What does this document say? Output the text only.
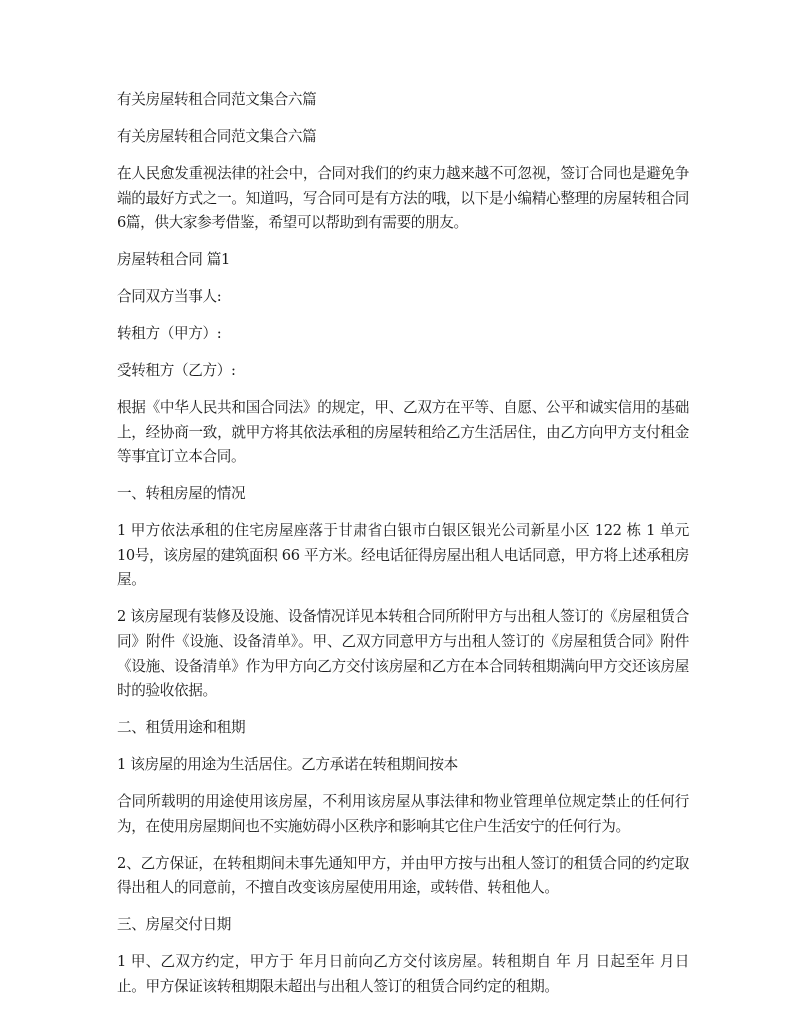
有关房屋转租合同范文集合六篇

有关房屋转租合同范文集合六篇

在人民愈发重视法律的社会中，合同对我们的约束力越来越不可忽视，签订合同也是避免争端的最好方式之一。知道吗，写合同可是有方法的哦，以下是小编精心整理的房屋转租合同6篇，供大家参考借鉴，希望可以帮助到有需要的朋友。

房屋转租合同 篇1

合同双方当事人:

转租方（甲方）:

受转租方（乙方）:

根据《中华人民共和国合同法》的规定，甲、乙双方在平等、自愿、公平和诚实信用的基础上，经协商一致，就甲方将其依法承租的房屋转租给乙方生活居住，由乙方向甲方支付租金等事宜订立本合同。

一、转租房屋的情况

1 甲方依法承租的住宅房屋座落于甘肃省白银市白银区银光公司新星小区 122 栋 1 单元 10号，该房屋的建筑面积 66 平方米。经电话征得房屋出租人电话同意，甲方将上述承租房屋。

2 该房屋现有装修及设施、设备情况详见本转租合同所附甲方与出租人签订的《房屋租赁合同》附件《设施、设备清单》。甲、乙双方同意甲方与出租人签订的《房屋租赁合同》附件《设施、设备清单》作为甲方向乙方交付该房屋和乙方在本合同转租期满向甲方交还该房屋时的验收依据。

二、租赁用途和租期

1 该房屋的用途为生活居住。乙方承诺在转租期间按本

合同所载明的用途使用该房屋，不利用该房屋从事法律和物业管理单位规定禁止的任何行为，在使用房屋期间也不实施妨碍小区秩序和影响其它住户生活安宁的任何行为。

2、乙方保证，在转租期间未事先通知甲方，并由甲方按与出租人签订的租赁合同的约定取得出租人的同意前，不擅自改变该房屋使用用途，或转借、转租他人。

三、房屋交付日期

1 甲、乙双方约定，甲方于 年月日前向乙方交付该房屋。转租期自 年 月 日起至年 月日止。甲方保证该转租期限未超出与出租人签订的租赁合同约定的租期。
